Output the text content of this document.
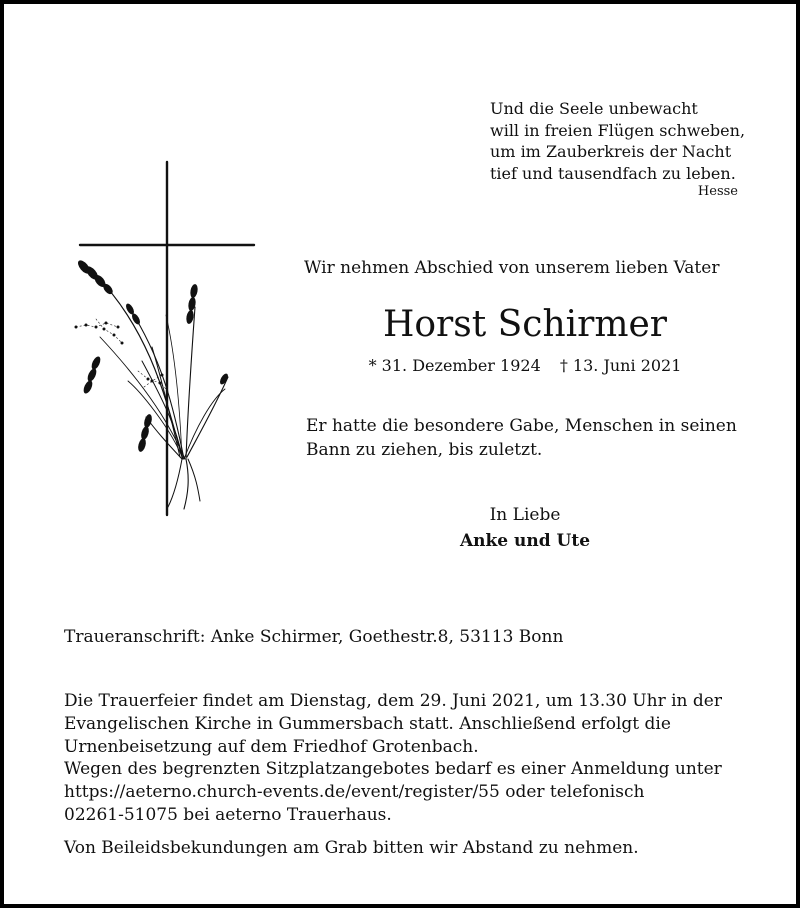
Und die Seele unbewacht
will in freien Flügen schweben,
um im Zauberkreis der Nacht
tief und tausendfach zu leben.
Hesse
Wir nehmen Abschied von unserem lieben Vater
Horst Schirmer
* 31. Dezember 1924 † 13. Juni 2021
Er hatte die besondere Gabe, Menschen in seinen
Bann zu ziehen, bis zuletzt.
In Liebe
Anke und Ute
Traueranschrift: Anke Schirmer, Goethestr.8, 53113 Bonn
Die Trauerfeier findet am Dienstag, dem 29. Juni 2021, um 13.30 Uhr in der
Evangelischen Kirche in Gummersbach statt. Anschließend erfolgt die
Urnenbeisetzung auf dem Friedhof Grotenbach.
Wegen des begrenzten Sitzplatzangebotes bedarf es einer Anmeldung unter
https://aeterno.church-events.de/event/register/55 oder telefonisch
02261-51075 bei aeterno Trauerhaus.
Von Beileidsbekundungen am Grab bitten wir Abstand zu nehmen.
